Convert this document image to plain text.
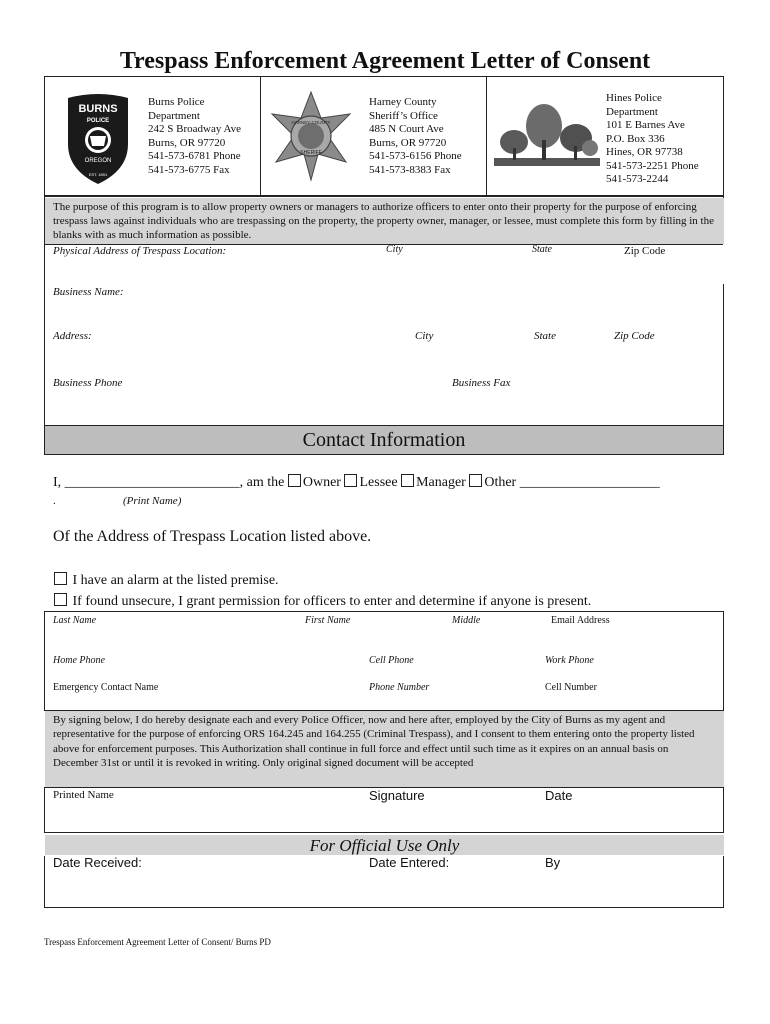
Trespass Enforcement Agreement Letter of Consent
BURNS
POLICE
OREGON
EST. 1891
Burns Police
Department
242 S Broadway Ave
Burns, OR 97720
541-573-6781 Phone
541-573-6775 Fax
HARNEY COUNTY
SHERIFF
Harney County
Sheriff’s Office
485 N Court Ave
Burns, OR 97720
541-573-6156 Phone
541-573-8383 Fax
Hines Police
Department
101 E Barnes Ave
P.O. Box 336
Hines, OR 97738
541-573-2251 Phone
541-573-2244
The purpose of this program is to allow property owners or managers to authorize officers to enter onto their property for the purpose of enforcing trespass laws against individuals who are trespassing on the property, the property owner, manager, or lessee, must complete this form by filling in the blanks with as much information as possible.
Physical Address of Trespass Location:	City	State	Zip Code
Business Name:
Address:	City	State	Zip Code
Business Phone	Business Fax
Contact Information
I, _________________________, am the Owner Lessee Manager Other ____________________
.	(Print Name)
Of the Address of Trespass Location listed above.
I have an alarm at the listed premise.
If found unsecure, I grant permission for officers to enter and determine if anyone is present.
Last Name	First Name	Middle	Email Address
Home Phone	Cell Phone	Work Phone
Emergency Contact Name	Phone Number	Cell Number
By signing below, I do hereby designate each and every Police Officer, now and here after, employed by the City of Burns as my agent and representative for the purpose of enforcing ORS 164.245 and 164.255 (Criminal Trespass), and I consent to them entering onto the property listed above for enforcement purposes. This Authorization shall continue in full force and effect until such time as it expires on an annual basis on December 31st or until it is revoked in writing. Only original signed document will be accepted
Printed Name	Signature	Date
For Official Use Only
Date Received:	Date Entered:	By
Trespass Enforcement Agreement Letter of Consent/ Burns PD
